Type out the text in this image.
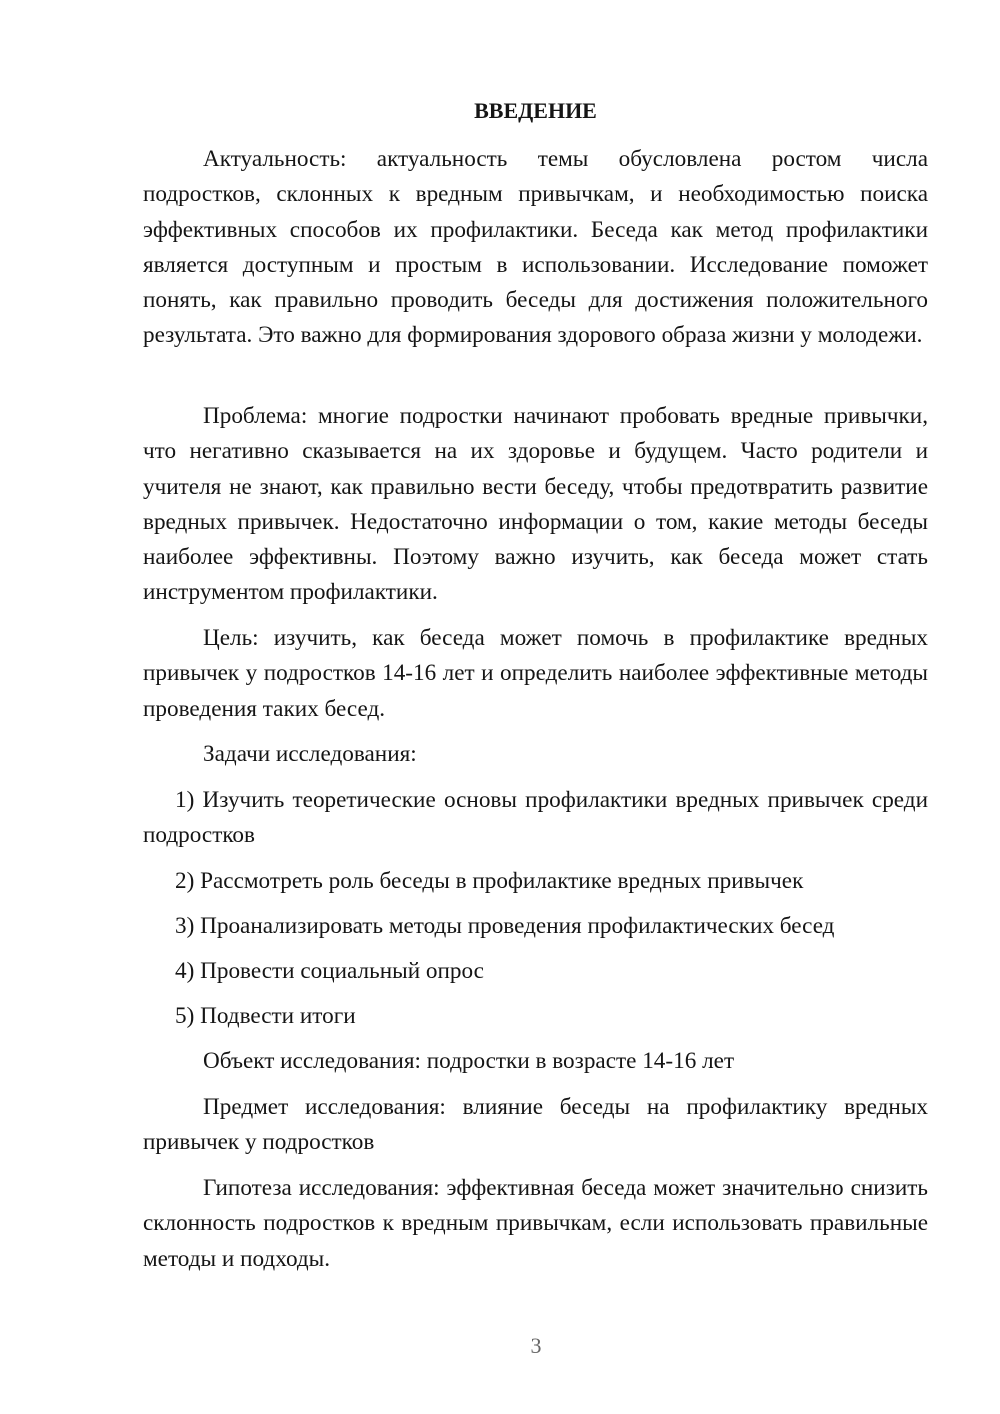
ВВЕДЕНИЕ

Актуальность: актуальность темы обусловлена ростом числа подростков, склонных к вредным привычкам, и необходимостью поиска эффективных способов их профилактики. Беседа как метод профилактики является доступным и простым в использовании. Исследование поможет понять, как правильно проводить беседы для достижения положительного результата. Это важно для формирования здорового образа жизни у молодежи.

Проблема: многие подростки начинают пробовать вредные привычки, что негативно сказывается на их здоровье и будущем. Часто родители и учителя не знают, как правильно вести беседу, чтобы предотвратить развитие вредных привычек. Недостаточно информации о том, какие методы беседы наиболее эффективны. Поэтому важно изучить, как беседа может стать инструментом профилактики.

Цель: изучить, как беседа может помочь в профилактике вредных привычек у подростков 14-16 лет и определить наиболее эффективные методы проведения таких бесед.

Задачи исследования:

1) Изучить теоретические основы профилактики вредных привычек среди подростков

2) Рассмотреть роль беседы в профилактике вредных привычек

3) Проанализировать методы проведения профилактических бесед

4) Провести социальный опрос

5) Подвести итоги

Объект исследования: подростки в возрасте 14-16 лет

Предмет исследования: влияние беседы на профилактику вредных привычек у подростков

Гипотеза исследования: эффективная беседа может значительно снизить склонность подростков к вредным привычкам, если использовать правильные методы и подходы.

3
